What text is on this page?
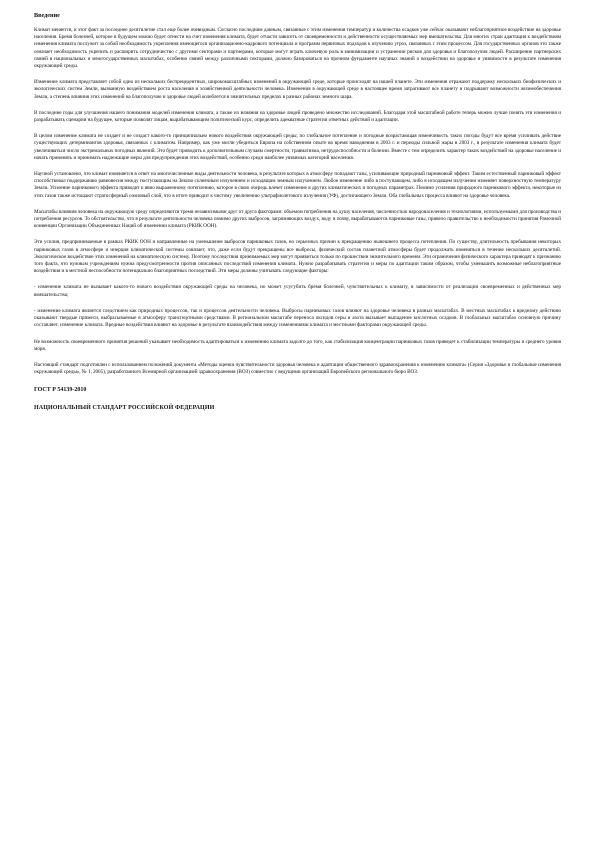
Введение

Климат меняется, и этот факт за последнее десятилетие стал еще более очевидным. Согласно последним данным, связанные с этим изменения температур и количества осадков уже сейчас оказывают неблагоприятное воздействие на здоровье населения. Бремя болезней, которое в будущем можно будет отнести на счет изменения климата, будет отчасти зависеть от своевременности и действенности осуществляемых мер вмешательства. Для многих стран адаптация к воздействиям изменения климата послужит за собой необходимость укрепления имеющегося организационно-кадрового потенциала и программ первичных подходов к изучению угроз, связанных с этим процессом. Для государственных органов это также означает необходимость укрепить и расширить сотрудничество с другими секторами и партнерами, которые могут играть ключевую роль в минимизации и устранении рисков для здоровья и благополучия людей. Расширение партнерских связей в национальных и межгосударственных масштабах, особенно связей между различными секторами, должно базироваться на прочном фундаменте научных знаний о воздействии на здоровье и уязвимости в результате изменения окружающей среды.

Изменение климата представляет собой одно из нескольких беспрецедентных, широкомасштабных изменений в окружающей среде, которые происходят на нашей планете. Эти изменения отражают поддержку нескольких биофизических и экологических систем Земли, вызванную воздействием роста населения и хозяйственной деятельности человека. Изменения в окружающей среде в настоящее время затрагивают все планету и подрывают возможности жизнеобеспечения Земли, а степень влияния этих изменений на благополучие и здоровье людей колеблется в значительных пределах в разных районах земного шара.

В последние годы для улучшения нашего понимания моделей изменения климата, а также их влияния на здоровье людей проведено множество исследований. Благодаря этой масштабной работе теперь можно лучше понять эти изменения и разрабатывать сценарии на будущее, которые позволят лицам, вырабатывающим политический курс, определить адекватные стратегии ответных действий и адаптации.

В целом изменение климата не создает и не создаст какого-то принципиально нового воздействия окружающей среды; по глобальное потепление и погодные возрастающая изменчивость таких погоды будут все время усиливать действие существующих детерминантов здоровья, связанных с климатом. Например, как уже могли убедиться Европа на собственном опыте во время наводнения в 2003 г. и периоды сильной жары в 2003 г., в результате изменения климата будет увеличиваться число экстремальных погодных явлений. Это будет приводить к дополнительным случаям смертности, травматизма, нетрудоспособности и болезни. Вместе с тем определить характер таких воздействий на здоровье население и начать применять и принимать надлежащие меры для предупреждения этих воздействий, особенно среди наиболее уязвимых категорий населения.

Научной установлено, что климат изменяется в ответ на многочисленные виды деятельности человека, в результате которых в атмосферу попадают газы, усиливающие природный парниковый эффект. Таким естественный парниковый эффект способствовал поддержанию равновесия между поступающим на Землю солнечным излучением и исходящим земным излучением. Любое изменение либо в поступающем, либо в исходящем излучении изменяет поверхностную температуру Земли. Усиление парникового эффекта приводит к явно выраженному потеплению, которое в свою очередь влечет изменение в других климатических и погодных параметрах. Помимо усиления природного парникового эффекта, некоторые из этих газов также истощают стратосферный озоновый слой, что в итоге приводит к чистому увеличению ультрафиолетового излучения (УФ), достигающего Земли. Оба глобальных процесса влияют на здоровье человека.

Масштабы влияния человека на окружающую среду определяются тремя независимыми друг от друга факторами: объемом потребления на душу населения, численностью народонаселения и технологиями, используемыми для производства и потребления ресурсов. То обстоятельство, что в результате деятельности человека помимо других выбросов, загрязняющих воздух, воду и почву, вырабатываются парниковые газы, привело правительство к необходимости принятия Рамочной конвенции Организации Объединенных Наций об изменении климата (РКИК ООН).

Эти усилия, предпринимаемые в рамках РКИК ООН и направленные на уменьшение выбросов парниковых газов, но серьезных причин к прекращению нынешнего процесса потепления. По существу, длительность пребывания некоторых парниковых газов в атмосфере и инерция климатической системы означает, что, даже если будут прекращены все выбросы, физический состав планетной атмосферы будет продолжать изменяться в течение нескольких десятилетий. Экологическое воздействие этих изменений на климатическую систему. Поэтому последствия принимаемых мер могут проявиться только по прошествии значительного времени. Эти ограничения физического характера приводят к признанию того факта, что нужным учреждениям нужна предусмотренности против описанных последствий изменения климата. Нужно разрабатывать стратегии и меры по адаптации таким образом, чтобы уменьшить возможные неблагоприятные воздействия и в местной неспособности потенциально благоприятных последствий. Эти меры должны учитывать следующие факторы:

- изменение климата не вызывает какого-то нового воздействия окружающей среды на человека, но может усугубить бремя болезней, чувствительных к климату, в зависимости от реализации своевременных и действенных мер вмешательства;

- изменение климата является следствием как природных процессов, так и процессов деятельности человека. Выбросы парниковых газов влияют на здоровье человека в разных масштабах. В местных масштабах к вредному действию оказывают твердые примеси, выбрасываемые в атмосферу транспортными средствами. В региональном масштабе переноса оксидов серы и азота вызывает выпадение кислотных осадков. В глобальных масштабах основную причину составляет, изменение климата. Вредные воздействия влияют на здоровье в результате взаимодействия между изменениями климата и местными факторами окружающей среды.

Не возможность своевременного принятия решений указывает необходимость адаптироваться к изменению климата задолго до того, как стабилизация концентрации парниковых газов приведет к стабилизации температуры и среднего уровня моря.

Настоящий стандарт подготовлен с использованием положений документа «Методы оценки чувствительности здоровья человека и адаптации общественного здравоохранения к изменению климата» (Серия «Здоровье и глобальные изменения окружающей среды», № 1, 2005), разработанного Всемирной организацией здравоохранения (ВОЗ) совместно с ведущими организаций Европейского регионального бюро ВОЗ.

ГОСТ Р 54139-2010
НАЦИОНАЛЬНЫЙ СТАНДАРТ РОССИЙСКОЙ ФЕДЕРАЦИИ
